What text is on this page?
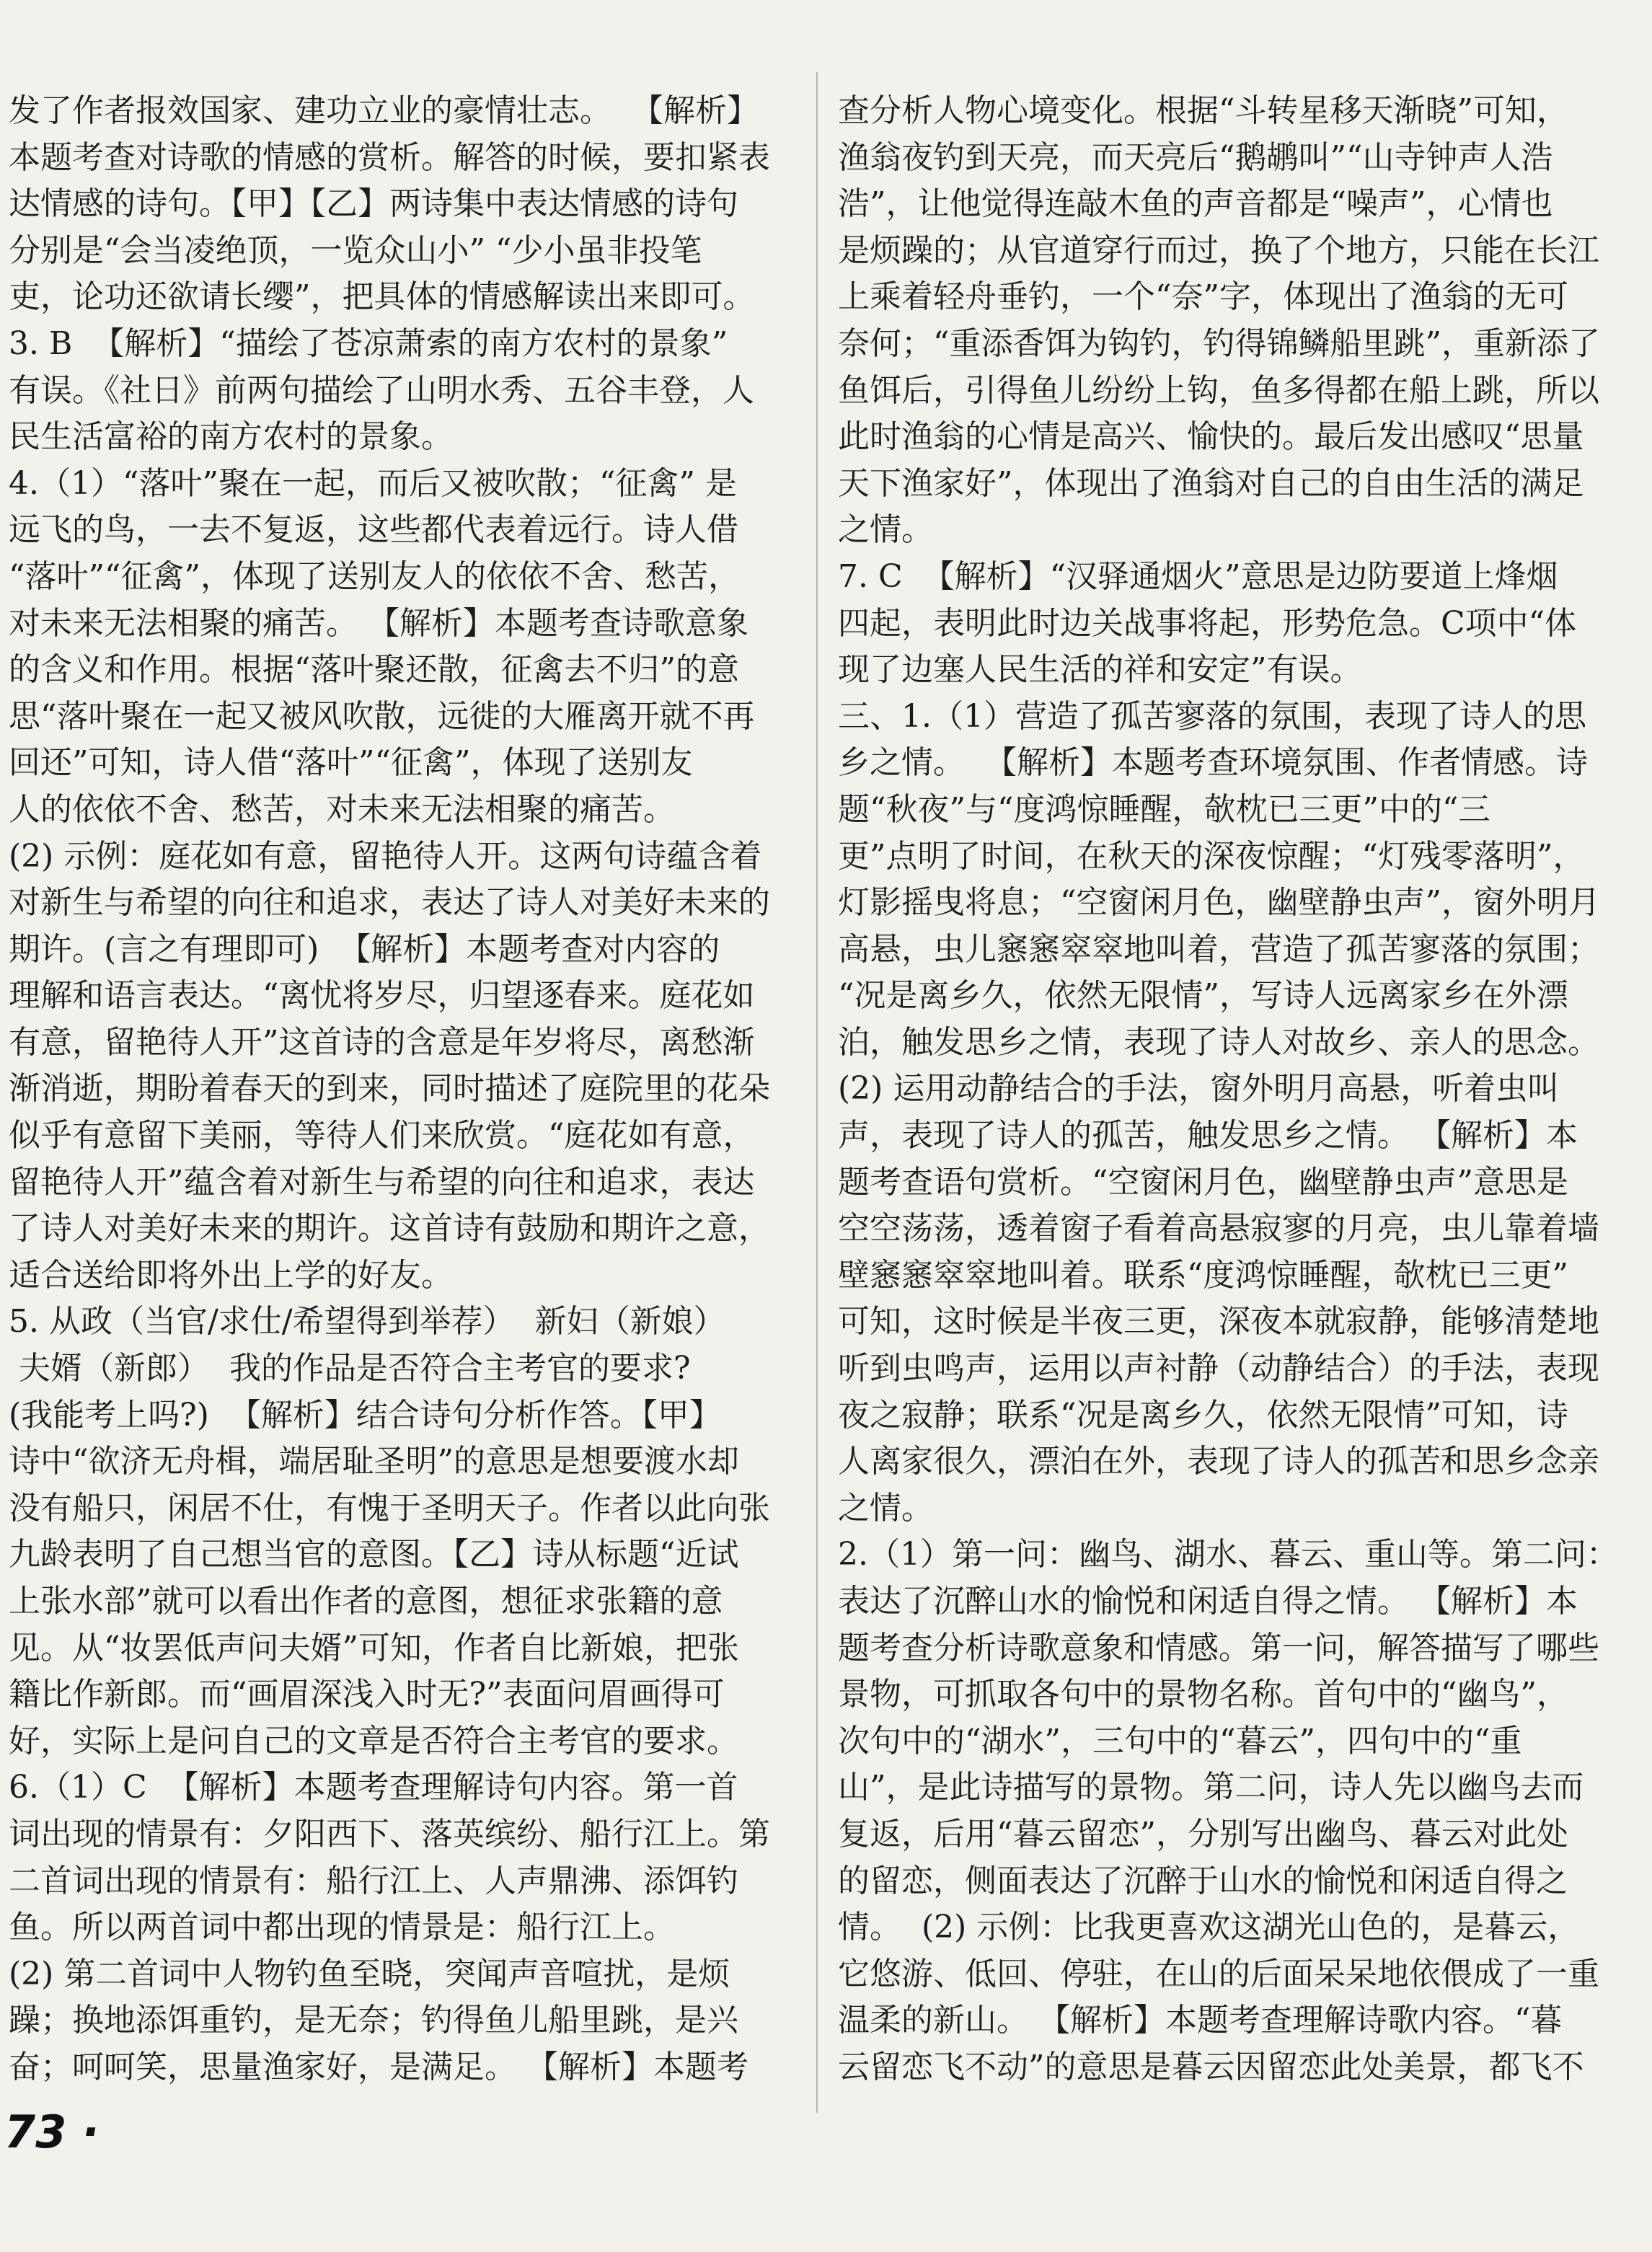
发了作者报效国家、建功立业的豪情壮志。  【解析】

本题考查对诗歌的情感的赏析。解答的时候，要扣紧表

达情感的诗句。【甲】【乙】两诗集中表达情感的诗句

分别是“会当凌绝顶，一览众山小” “少小虽非投笔

吏，论功还欲请长缨”，把具体的情感解读出来即可。

3. B  【解析】“描绘了苍凉萧索的南方农村的景象”

有误。《社日》前两句描绘了山明水秀、五谷丰登，人

民生活富裕的南方农村的景象。

4.（1）“落叶”聚在一起，而后又被吹散；“征禽” 是

远飞的鸟，一去不复返，这些都代表着远行。诗人借

“落叶”“征禽”，体现了送别友人的依依不舍、愁苦，

对未来无法相聚的痛苦。 【解析】本题考查诗歌意象

的含义和作用。根据“落叶聚还散，征禽去不归”的意

思“落叶聚在一起又被风吹散，远徙的大雁离开就不再

回还”可知，诗人借“落叶”“征禽”，体现了送别友

人的依依不舍、愁苦，对未来无法相聚的痛苦。

(2) 示例：庭花如有意，留艳待人开。这两句诗蕴含着

对新生与希望的向往和追求，表达了诗人对美好未来的

期许。(言之有理即可)  【解析】本题考查对内容的

理解和语言表达。“离忧将岁尽，归望逐春来。庭花如

有意，留艳待人开”这首诗的含意是年岁将尽，离愁渐

渐消逝，期盼着春天的到来，同时描述了庭院里的花朵

似乎有意留下美丽，等待人们来欣赏。“庭花如有意，

留艳待人开”蕴含着对新生与希望的向往和追求，表达

了诗人对美好未来的期许。这首诗有鼓励和期许之意，

适合送给即将外出上学的好友。

5. 从政（当官/求仕/希望得到举荐）  新妇（新娘）

夫婿（新郎）  我的作品是否符合主考官的要求?

(我能考上吗?)  【解析】结合诗句分析作答。【甲】

诗中“欲济无舟楫，端居耻圣明”的意思是想要渡水却

没有船只，闲居不仕，有愧于圣明天子。作者以此向张

九龄表明了自己想当官的意图。【乙】诗从标题“近试

上张水部”就可以看出作者的意图，想征求张籍的意

见。从“妆罢低声问夫婿”可知，作者自比新娘，把张

籍比作新郎。而“画眉深浅入时无?”表面问眉画得可

好，实际上是问自己的文章是否符合主考官的要求。

6.（1）C  【解析】本题考查理解诗句内容。第一首

词出现的情景有：夕阳西下、落英缤纷、船行江上。第

二首词出现的情景有：船行江上、人声鼎沸、添饵钓

鱼。所以两首词中都出现的情景是：船行江上。

(2) 第二首词中人物钓鱼至晓，突闻声音喧扰，是烦

躁；换地添饵重钓，是无奈；钓得鱼儿船里跳，是兴

奋；呵呵笑，思量渔家好，是满足。 【解析】本题考

查分析人物心境变化。根据“斗转星移天渐晓”可知，

渔翁夜钓到天亮，而天亮后“鹅鹕叫”“山寺钟声人浩

浩”，让他觉得连敲木鱼的声音都是“噪声”，心情也

是烦躁的；从官道穿行而过，换了个地方，只能在长江

上乘着轻舟垂钓，一个“奈”字，体现出了渔翁的无可

奈何；“重添香饵为钩钓，钓得锦鳞船里跳”，重新添了

鱼饵后，引得鱼儿纷纷上钩，鱼多得都在船上跳，所以

此时渔翁的心情是高兴、愉快的。最后发出感叹“思量

天下渔家好”，体现出了渔翁对自己的自由生活的满足

之情。

7. C  【解析】“汉驿通烟火”意思是边防要道上烽烟

四起，表明此时边关战事将起，形势危急。C项中“体

现了边塞人民生活的祥和安定”有误。

三、1.（1）营造了孤苦寥落的氛围，表现了诗人的思

乡之情。  【解析】本题考查环境氛围、作者情感。诗

题“秋夜”与“度鸿惊睡醒，欹枕已三更”中的“三

更”点明了时间，在秋天的深夜惊醒；“灯残零落明”，

灯影摇曳将息；“空窗闲月色，幽壁静虫声”，窗外明月

高悬，虫儿窸窸窣窣地叫着，营造了孤苦寥落的氛围；

“况是离乡久，依然无限情”，写诗人远离家乡在外漂

泊，触发思乡之情，表现了诗人对故乡、亲人的思念。

(2) 运用动静结合的手法，窗外明月高悬，听着虫叫

声，表现了诗人的孤苦，触发思乡之情。 【解析】本

题考查语句赏析。“空窗闲月色，幽壁静虫声”意思是

空空荡荡，透着窗子看着高悬寂寥的月亮，虫儿靠着墙

壁窸窸窣窣地叫着。联系“度鸿惊睡醒，欹枕已三更”

可知，这时候是半夜三更，深夜本就寂静，能够清楚地

听到虫鸣声，运用以声衬静（动静结合）的手法，表现

夜之寂静；联系“况是离乡久，依然无限情”可知，诗

人离家很久，漂泊在外，表现了诗人的孤苦和思乡念亲

之情。

2.（1）第一问：幽鸟、湖水、暮云、重山等。第二问：

表达了沉醉山水的愉悦和闲适自得之情。 【解析】本

题考查分析诗歌意象和情感。第一问，解答描写了哪些

景物，可抓取各句中的景物名称。首句中的“幽鸟”，

次句中的“湖水”，三句中的“暮云”，四句中的“重

山”，是此诗描写的景物。第二问，诗人先以幽鸟去而

复返，后用“暮云留恋”，分别写出幽鸟、暮云对此处

的留恋，侧面表达了沉醉于山水的愉悦和闲适自得之

情。  (2) 示例：比我更喜欢这湖光山色的，是暮云，

它悠游、低回、停驻，在山的后面呆呆地依偎成了一重

温柔的新山。 【解析】本题考查理解诗歌内容。“暮

云留恋飞不动”的意思是暮云因留恋此处美景，都飞不

73 ·
